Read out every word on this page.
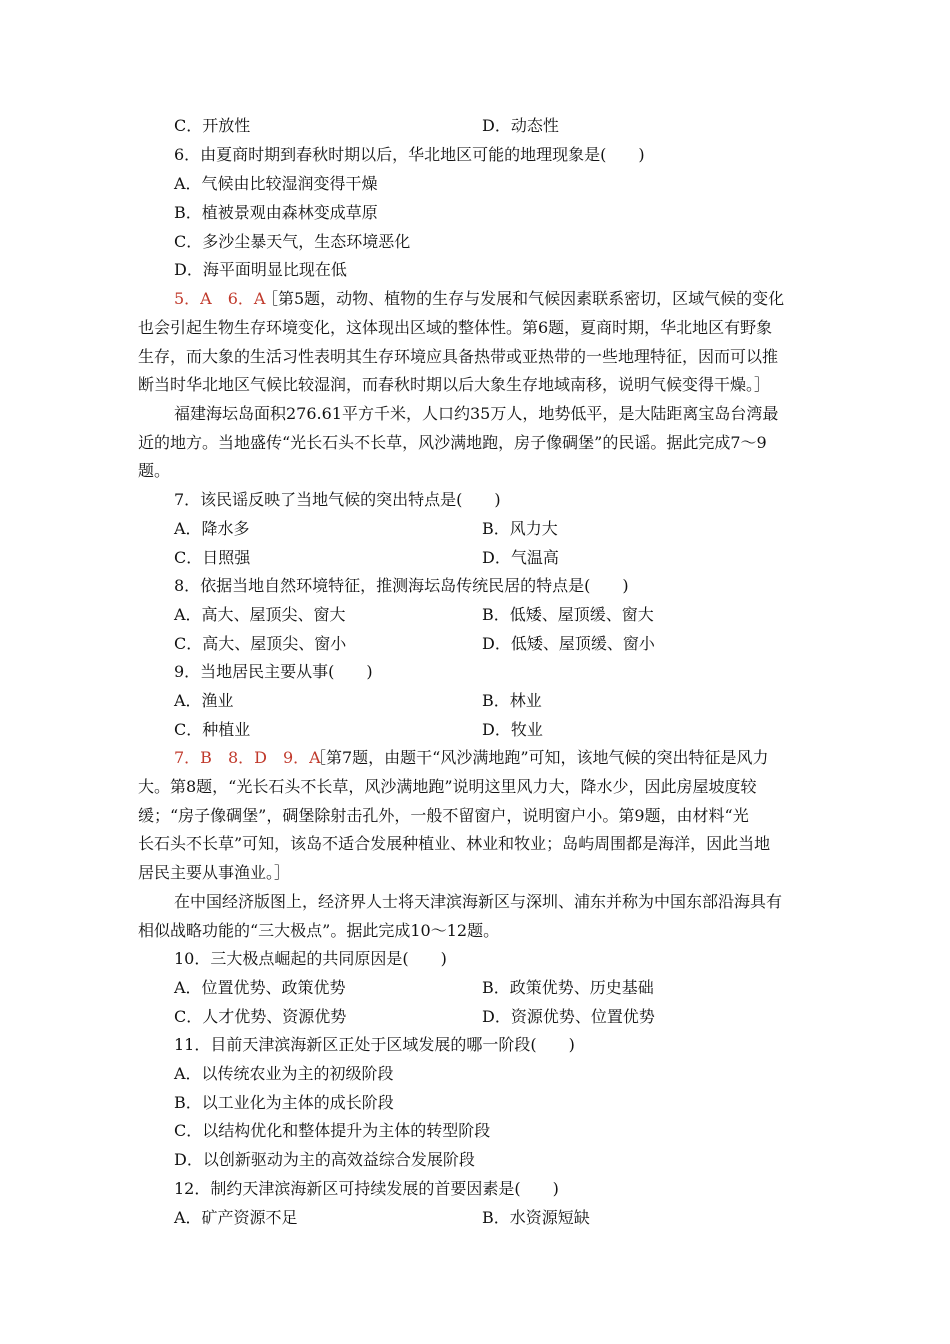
C．开放性	D．动态性
6．由夏商时期到春秋时期以后，华北地区可能的地理现象是(　　)
A．气候由比较湿润变得干燥
B．植被景观由森林变成草原
C．多沙尘暴天气，生态环境恶化
D．海平面明显比现在低
5．A　6．A
［第5题，动物、植物的生存与发展和气候因素联系密切，区域气候的变化
也会引起生物生存环境变化，这体现出区域的整体性。第6题，夏商时期，华北地区有野象
生存，而大象的生活习性表明其生存环境应具备热带或亚热带的一些地理特征，因而可以推
断当时华北地区气候比较湿润，而春秋时期以后大象生存地域南移，说明气候变得干燥。］
福建海坛岛面积276.61平方千米，人口约35万人，地势低平，是大陆距离宝岛台湾最
近的地方。当地盛传“光长石头不长草，风沙满地跑，房子像碉堡”的民谣。据此完成7～9
题。
7．该民谣反映了当地气候的突出特点是(　　)
A．降水多	B．风力大
C．日照强	D．气温高
8．依据当地自然环境特征，推测海坛岛传统民居的特点是(　　)
A．高大、屋顶尖、窗大	B．低矮、屋顶缓、窗大
C．高大、屋顶尖、窗小	D．低矮、屋顶缓、窗小
9．当地居民主要从事(　　)
A．渔业	B．林业
C．种植业	D．牧业
7．B　8．D　9．A
［第7题，由题干“风沙满地跑”可知，该地气候的突出特征是风力
大。第8题，“光长石头不长草，风沙满地跑”说明这里风力大，降水少，因此房屋坡度较
缓；“房子像碉堡”，碉堡除射击孔外，一般不留窗户，说明窗户小。第9题，由材料“光
长石头不长草”可知，该岛不适合发展种植业、林业和牧业；岛屿周围都是海洋，因此当地
居民主要从事渔业。］
在中国经济版图上，经济界人士将天津滨海新区与深圳、浦东并称为中国东部沿海具有
相似战略功能的“三大极点”。据此完成10～12题。
10．三大极点崛起的共同原因是(　　)
A．位置优势、政策优势	B．政策优势、历史基础
C．人才优势、资源优势	D．资源优势、位置优势
11．目前天津滨海新区正处于区域发展的哪一阶段(　　)
A．以传统农业为主的初级阶段
B．以工业化为主体的成长阶段
C．以结构优化和整体提升为主体的转型阶段
D．以创新驱动为主的高效益综合发展阶段
12．制约天津滨海新区可持续发展的首要因素是(　　)
A．矿产资源不足	B．水资源短缺
